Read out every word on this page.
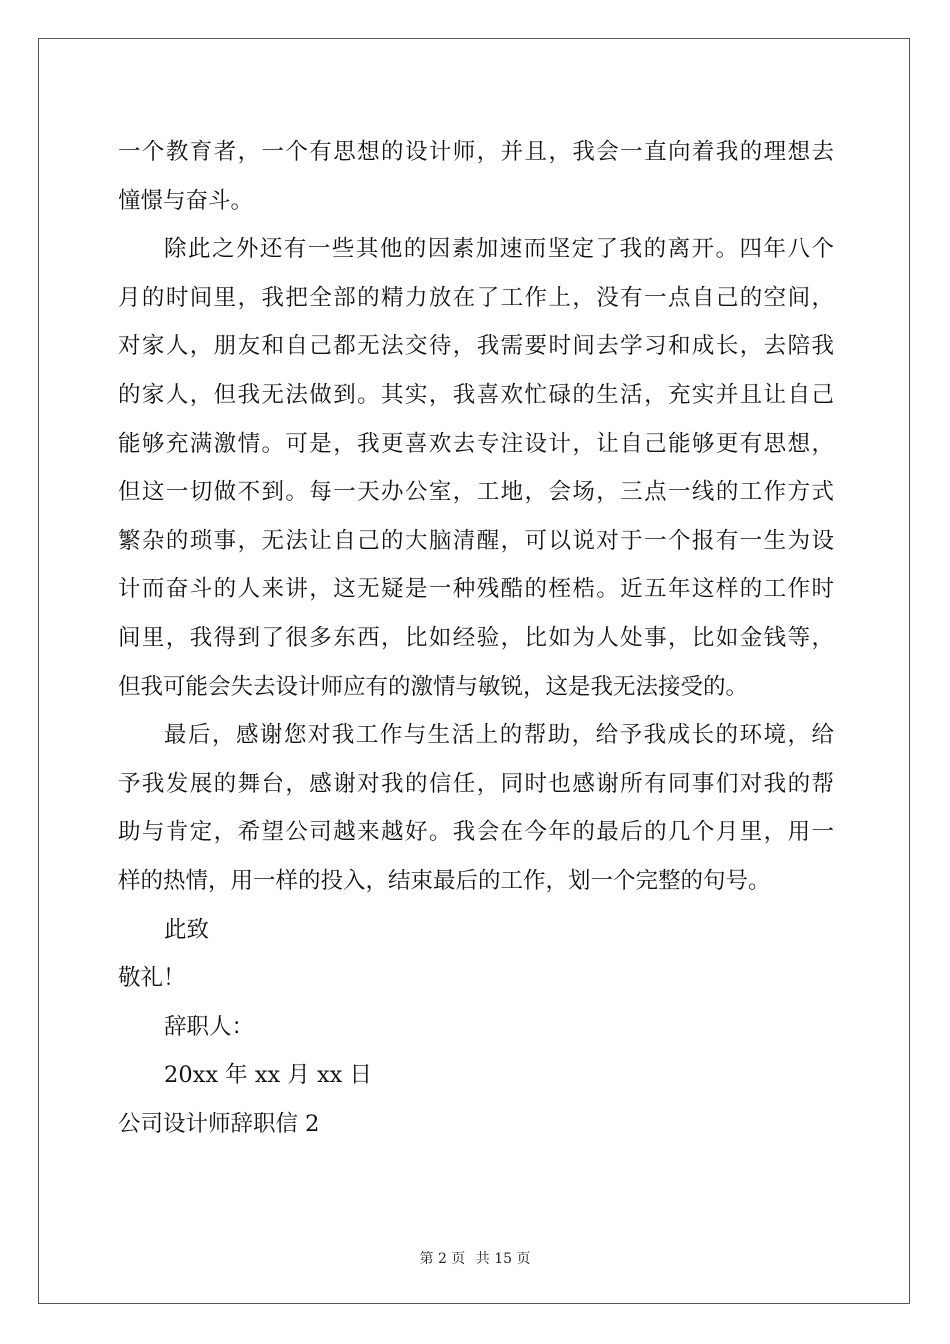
一个教育者，一个有思想的设计师，并且，我会一直向着我的理想去
憧憬与奋斗。
除此之外还有一些其他的因素加速而坚定了我的离开。四年八个
月的时间里，我把全部的精力放在了工作上，没有一点自己的空间，
对家人，朋友和自己都无法交待，我需要时间去学习和成长，去陪我
的家人，但我无法做到。其实，我喜欢忙碌的生活，充实并且让自己
能够充满激情。可是，我更喜欢去专注设计，让自己能够更有思想，
但这一切做不到。每一天办公室，工地，会场，三点一线的工作方式
繁杂的琐事，无法让自己的大脑清醒，可以说对于一个报有一生为设
计而奋斗的人来讲，这无疑是一种残酷的桎梏。近五年这样的工作时
间里，我得到了很多东西，比如经验，比如为人处事，比如金钱等，
但我可能会失去设计师应有的激情与敏锐，这是我无法接受的。
最后，感谢您对我工作与生活上的帮助，给予我成长的环境，给
予我发展的舞台，感谢对我的信任，同时也感谢所有同事们对我的帮
助与肯定，希望公司越来越好。我会在今年的最后的几个月里，用一
样的热情，用一样的投入，结束最后的工作，划一个完整的句号。
此致
敬礼！
辞职人：
20xx 年 xx 月 xx 日
公司设计师辞职信 2
第 2 页 共 15 页
